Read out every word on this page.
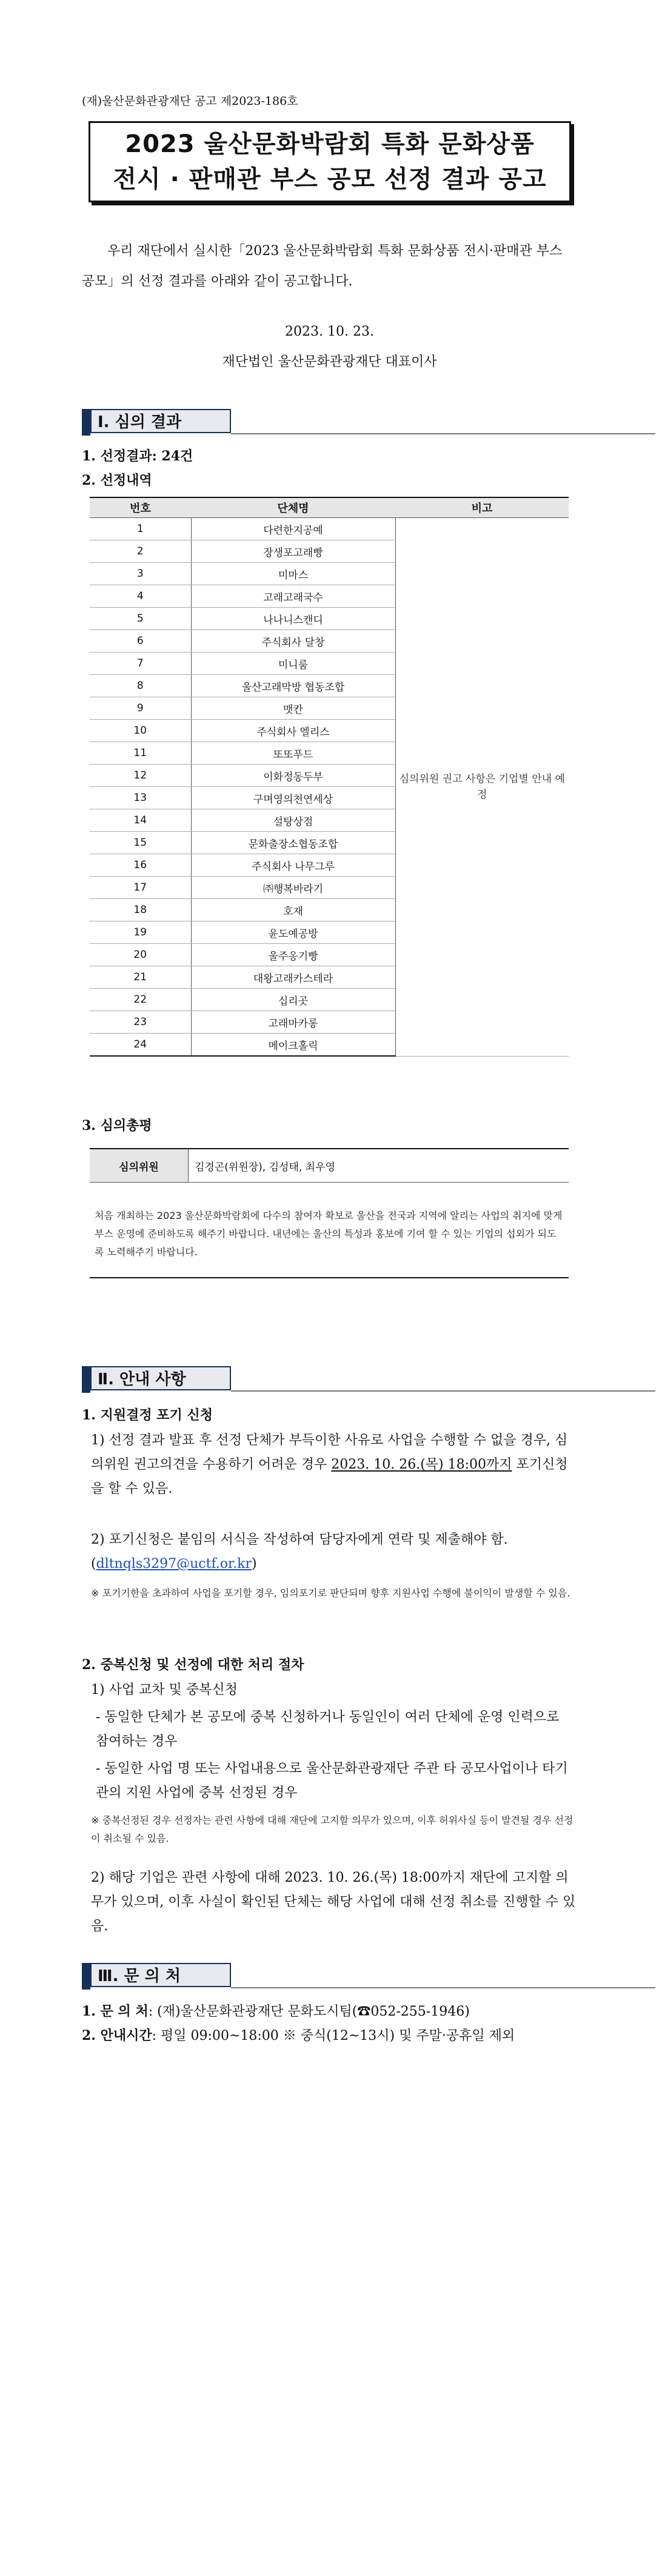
(재)울산문화관광재단 공고 제2023-186호
2023 울산문화박람회 특화 문화상품
전시 · 판매관 부스 공모 선정 결과 공고
우리 재단에서 실시한「2023 울산문화박람회 특화 문화상품 전시·판매관 부스 공모」의 선정 결과를 아래와 같이 공고합니다.
2023. 10. 23.
재단법인 울산문화관광재단 대표이사
Ⅰ. 심의 결과
1. 선정결과: 24건
2. 선정내역
번호	단체명	비고
1	다련한지공예	심의위원 권고 사항은 기업별 안내 예정
2	장생포고래빵	
3	미마스	
4	고래고래국수	
5	나나니스캔디	
6	주식회사 달창	
7	미니룸	
8	울산고래막방 협동조합	
9	맷칸	
10	주식회사 엘리스	
11	또또푸드	
12	이화정동두부	
13	구며영의천연세상	
14	설탕상점	
15	문화출장소협동조합	
16	주식회사 나무그루	
17	㈜행복바라기	
18	호재	
19	윤도예공방	
20	울주옹기빵	
21	대왕고래카스테라	
22	십리곳	
23	고래마카롱	
24	메이크홀릭	
3. 심의총평
심의위원	김경곤(위원장), 김성태, 최우영
처음 개최하는 2023 울산문화박람회에 다수의 참여자 확보로 울산을 전국과 지역에 알리는 사업의 취지에 맞게 부스 운영에 준비하도록 해주기 바랍니다. 내년에는 울산의 특성과 홍보에 기여 할 수 있는 기업의 섭외가 되도록 노력해주기 바랍니다.
Ⅱ. 안내 사항
1. 지원결정 포기 신청
1) 선정 결과 발표 후 선정 단체가 부득이한 사유로 사업을 수행할 수 없을 경우, 심의위원 권고의견을 수용하기 어려운 경우 2023. 10. 26.(목) 18:00까지 포기신청을 할 수 있음.
2) 포기신청은 붙임의 서식을 작성하여 담당자에게 연락 및 제출해야 함. (dltnqls3297@uctf.or.kr)
※ 포기기한을 초과하여 사업을 포기할 경우, 임의포기로 판단되며 향후 지원사업 수행에 불이익이 발생할 수 있음.
2. 중복신청 및 선정에 대한 처리 절차
1) 사업 교차 및 중복신청
- 동일한 단체가 본 공모에 중복 신청하거나 동일인이 여러 단체에 운영 인력으로 참여하는 경우
- 동일한 사업 명 또는 사업내용으로 울산문화관광재단 주관 타 공모사업이나 타기관의 지원 사업에 중복 선정된 경우
※ 중복선정된 경우 선정자는 관련 사항에 대해 재단에 고지할 의무가 있으며, 이후 허위사실 등이 발견될 경우 선정이 취소될 수 있음.
2) 해당 기업은 관련 사항에 대해 2023. 10. 26.(목) 18:00까지 재단에 고지할 의무가 있으며, 이후 사실이 확인된 단체는 해당 사업에 대해 선정 취소를 진행할 수 있음.
Ⅲ. 문 의 처
1. 문 의 처: (재)울산문화관광재단 문화도시팀(☎052-255-1946)
2. 안내시간: 평일 09:00~18:00 ※ 중식(12~13시) 및 주말·공휴일 제외
